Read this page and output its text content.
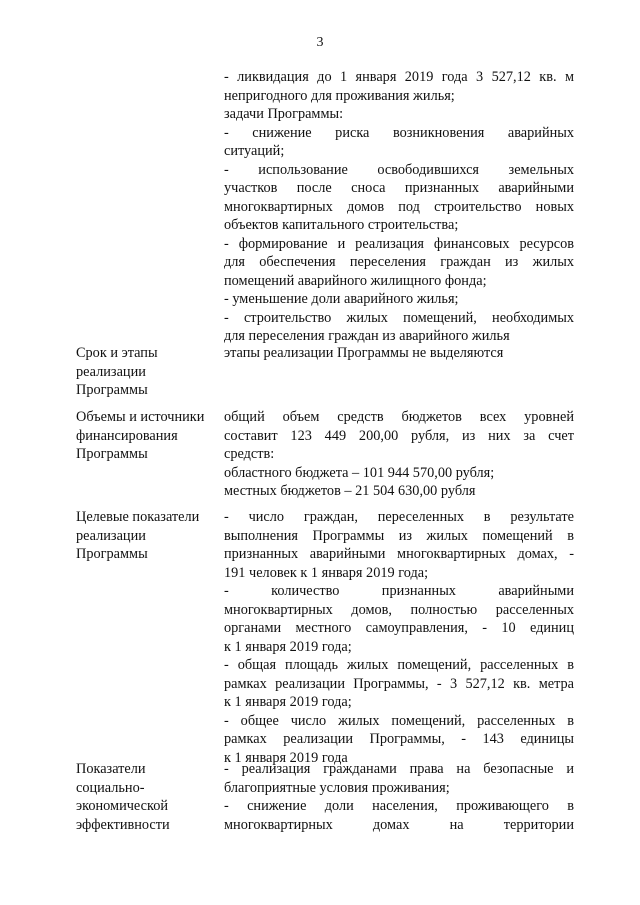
3
- ликвидация до 1 января 2019 года 3 527,12 кв. м
непригодного для проживания жилья;
задачи Программы:
- снижение риска возникновения аварийных
ситуаций;
- использование освободившихся земельных
участков после сноса признанных аварийными
многоквартирных домов под строительство новых
объектов капитального строительства;
- формирование и реализация финансовых ресурсов
для обеспечения переселения граждан из жилых
помещений аварийного жилищного фонда;
- уменьшение доли аварийного жилья;
- строительство жилых помещений, необходимых
для переселения граждан из аварийного жилья
Срок и этапы
реализации
Программы
этапы реализации Программы не выделяются
Объемы и источники
финансирования
Программы
общий объем средств бюджетов всех уровней
составит 123 449 200,00 рубля, из них за счет
средств:
областного бюджета – 101 944 570,00 рубля;
местных бюджетов – 21 504 630,00 рубля
Целевые показатели
реализации
Программы
- число граждан, переселенных в результате
выполнения Программы из жилых помещений в
признанных аварийными многоквартирных домах, -
191 человек к 1 января 2019 года;
- количество признанных аварийными
многоквартирных домов, полностью расселенных
органами местного самоуправления, - 10 единиц
к 1 января 2019 года;
- общая площадь жилых помещений, расселенных в
рамках реализации Программы, - 3 527,12 кв. метра
к 1 января 2019 года;
- общее число жилых помещений, расселенных в
рамках реализации Программы, - 143 единицы
к 1 января 2019 года
Показатели
социально-
экономической
эффективности
- реализация гражданами права на безопасные и
благоприятные условия проживания;
- снижение доли населения, проживающего в
многоквартирных домах на территории
